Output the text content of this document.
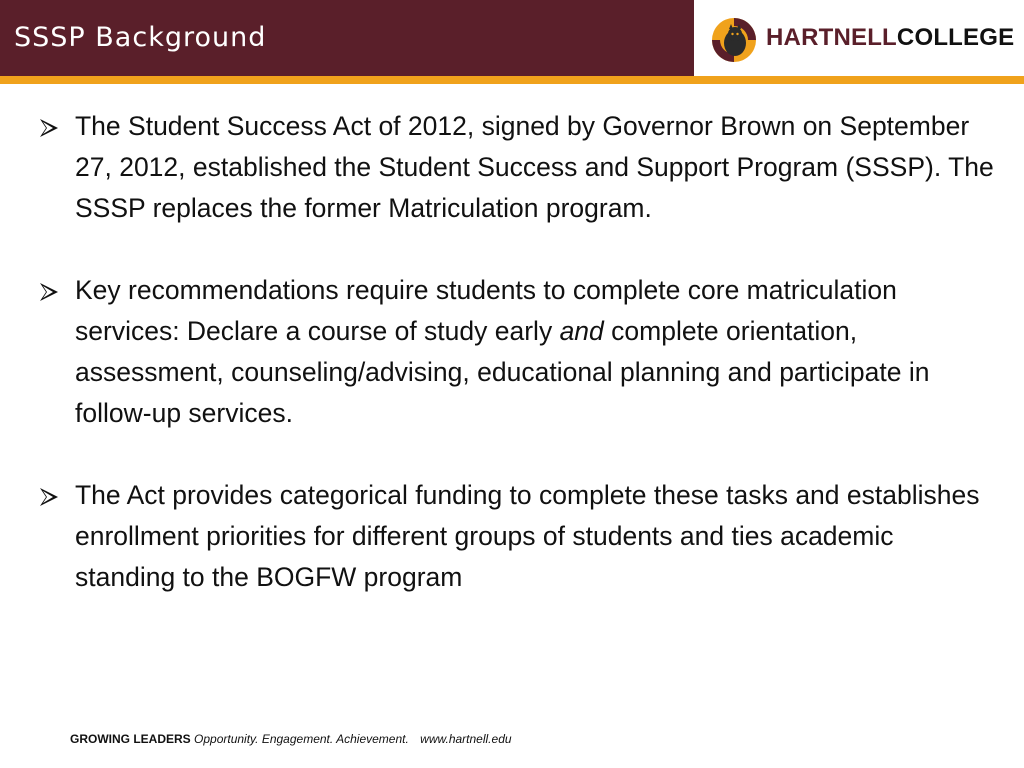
SSSP Background	HARTNELLCOLLEGE
The Student Success Act of 2012, signed by Governor Brown on September 27, 2012, established the Student Success and Support Program (SSSP). The SSSP replaces the former Matriculation program.
Key recommendations require students to complete core matriculation services: Declare a course of study early and complete orientation, assessment, counseling/advising, educational planning and participate in follow-up services.
The Act provides categorical funding to complete these tasks and establishes enrollment priorities for different groups of students and ties academic standing to the BOGFW program
GROWING LEADERS Opportunity. Engagement. Achievement. www.hartnell.edu
